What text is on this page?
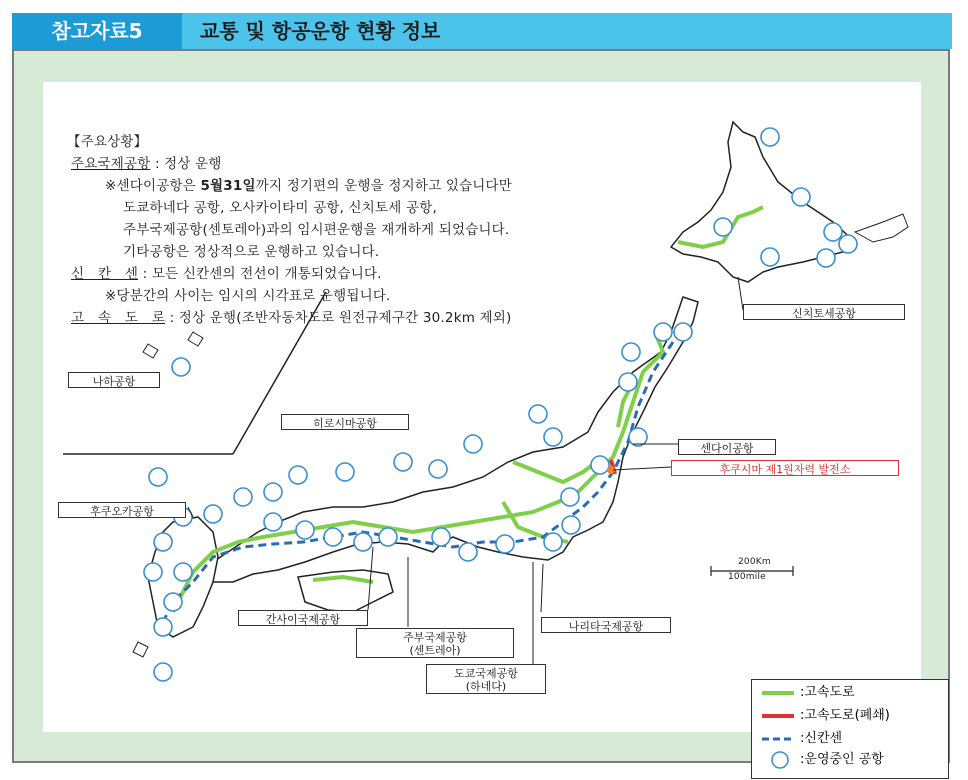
참고자료5	교통 및 항공운항 현황 정보
【주요상황】
주요국제공항 : 정상 운행
※센다이공항은 5월31일까지 정기편의 운행을 정지하고 있습니다만
도쿄하네다 공항, 오사카이타미 공항, 신치토세 공항,
주부국제공항(센토레아)과의 임시편운행을 재개하게 되었습니다.
기타공항은 정상적으로 운행하고 있습니다.
신　칸　센 : 모든 신칸센의 전선이 개통되었습니다.
※당분간의 사이는 임시의 시각표로 운행됩니다.
고　속　도　로 : 정상 운행(조반자동차도로 원전규제구간 30.2km 제외)
나하공항
히로시마공항
후쿠오카공항
간사이국제공항
주부국제공항
(센트레아)
도쿄국제공항
(하네다)
나리타국제공항
센다이공항
후쿠시마 제1원자력 발전소
신치토세공항
200Km
100mile
:고속도로
:고속도로(폐쇄)
:신칸센
:운영중인 공항
